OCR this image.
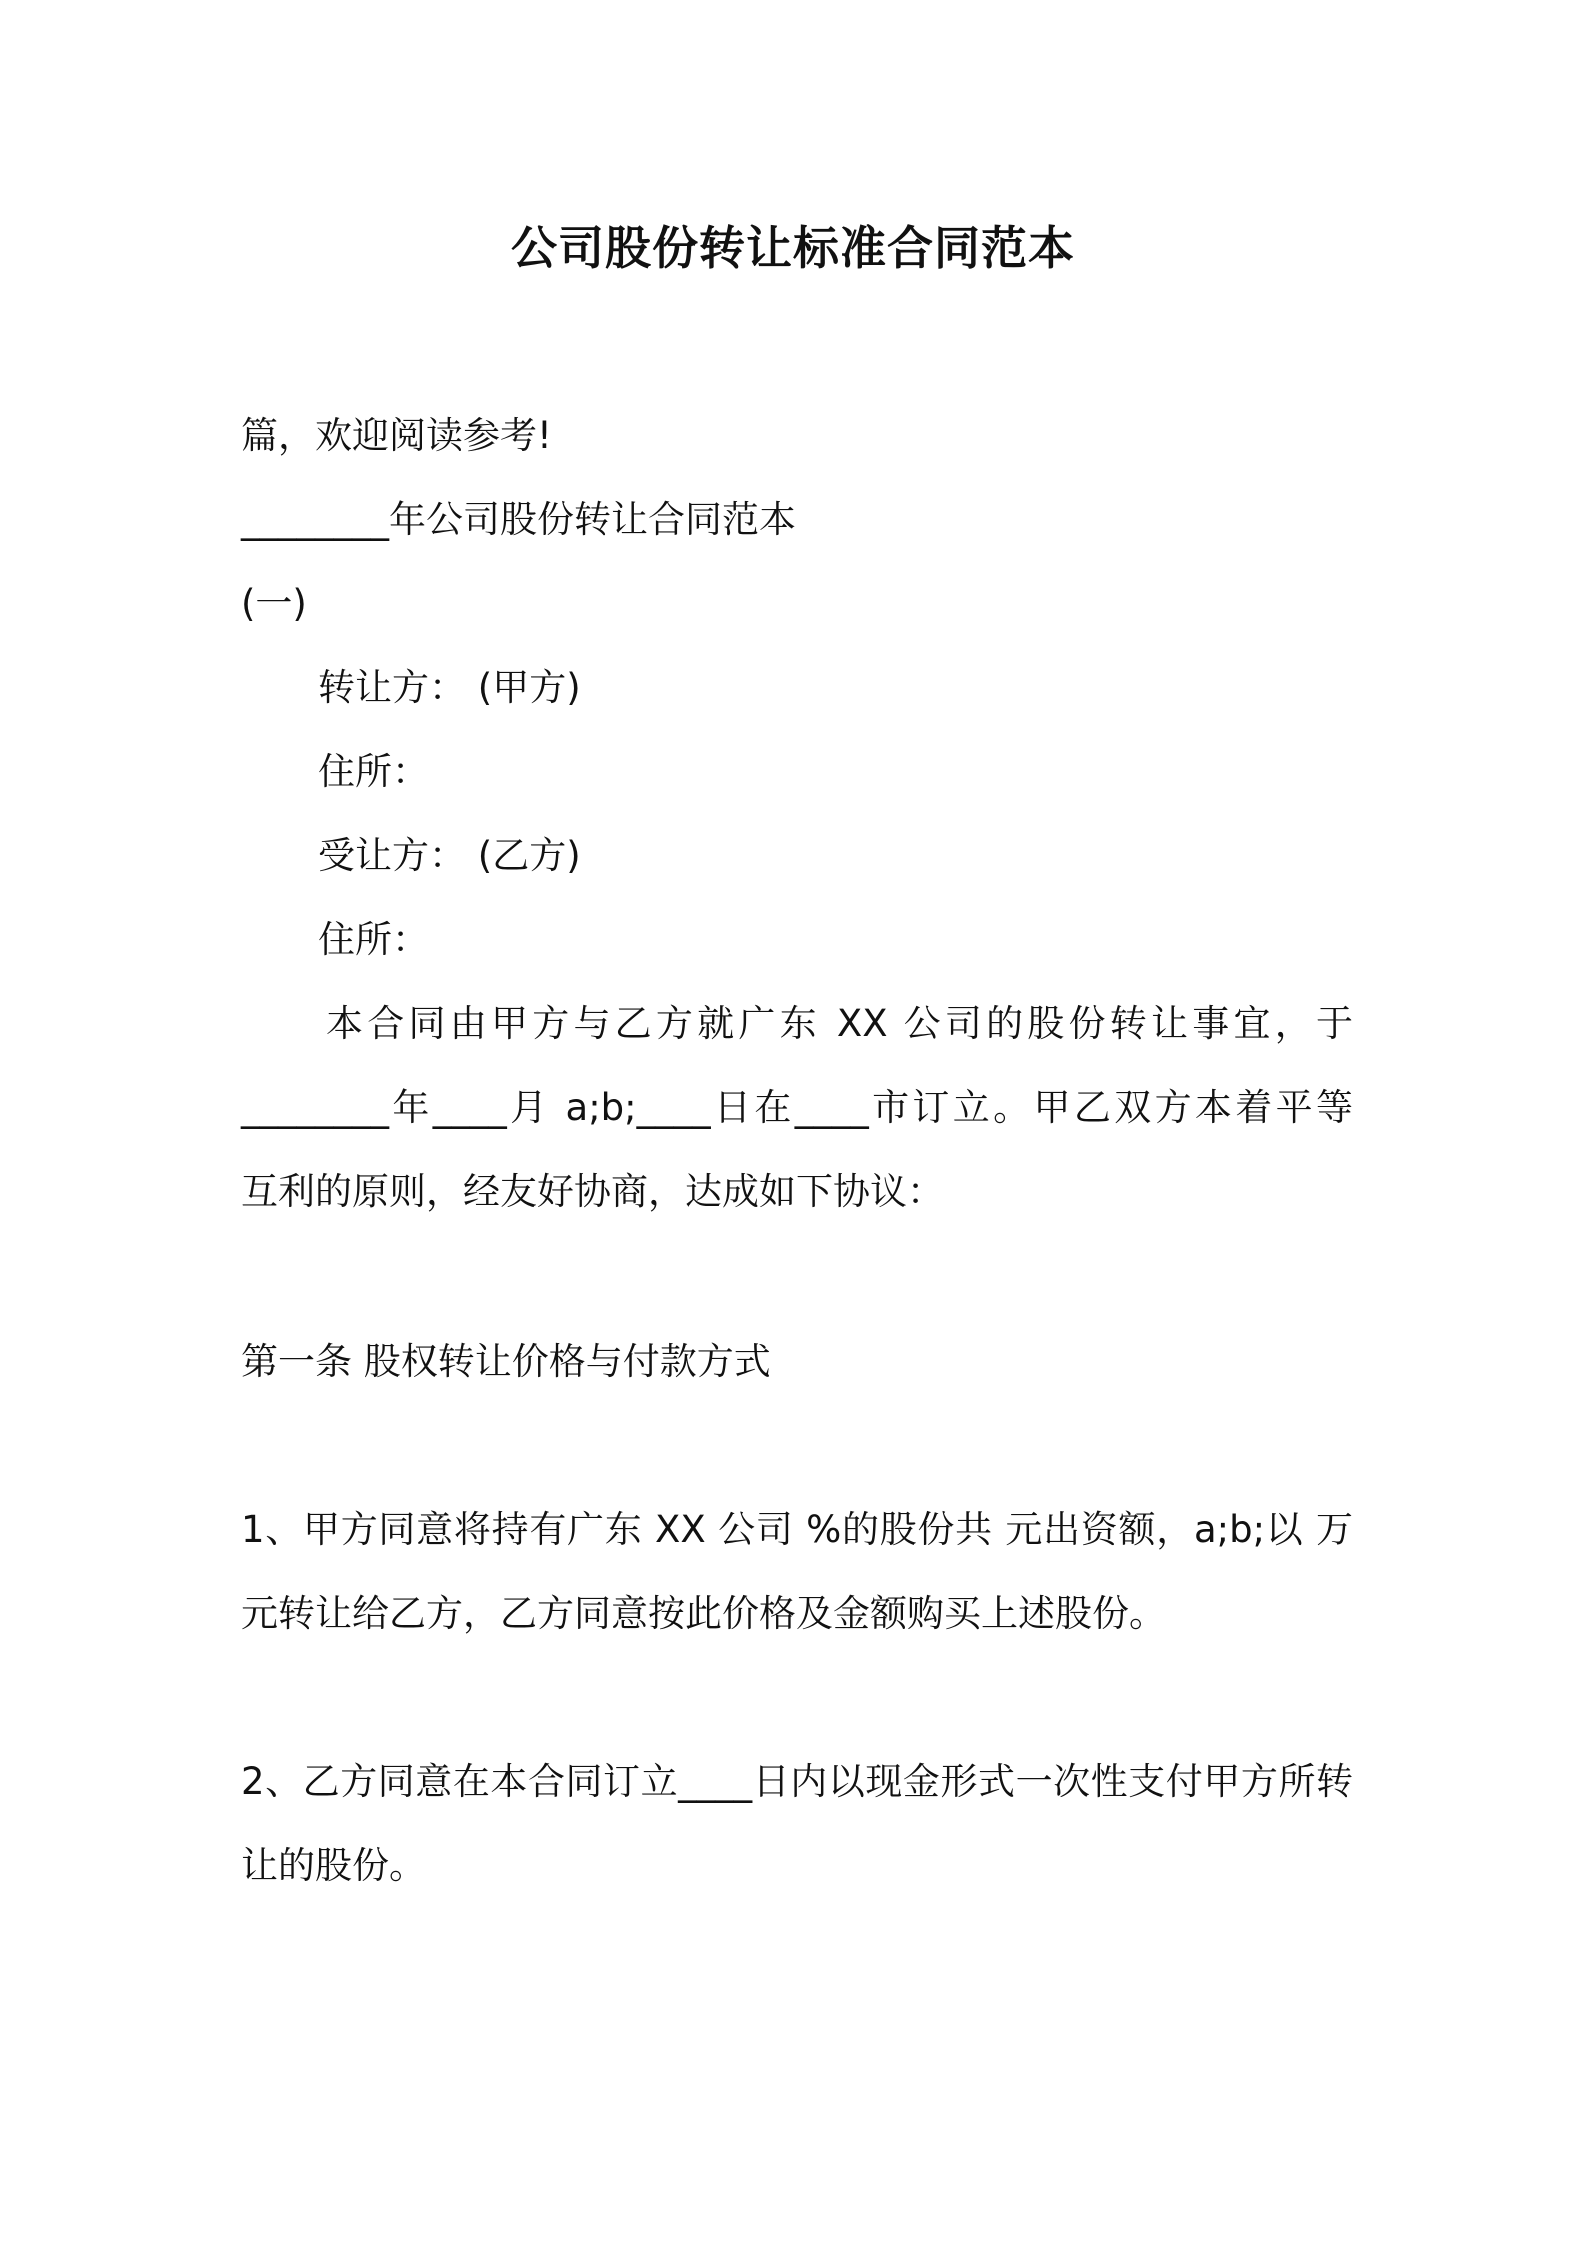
公司股份转让标准合同范本

篇，欢迎阅读参考!

________年公司股份转让合同范本

(一)

转让方： (甲方)

住所：

受让方： (乙方)

住所：

本合同由甲方与乙方就广东 XX 公司的股份转让事宜，于

________年____月 a;b;____日在____市订立。甲乙双方本着平等

互利的原则，经友好协商，达成如下协议：

第一条 股权转让价格与付款方式

1、甲方同意将持有广东 XX 公司 %的股份共 元出资额，a;b;以 万

元转让给乙方，乙方同意按此价格及金额购买上述股份。

2、乙方同意在本合同订立____日内以现金形式一次性支付甲方所转

让的股份。
